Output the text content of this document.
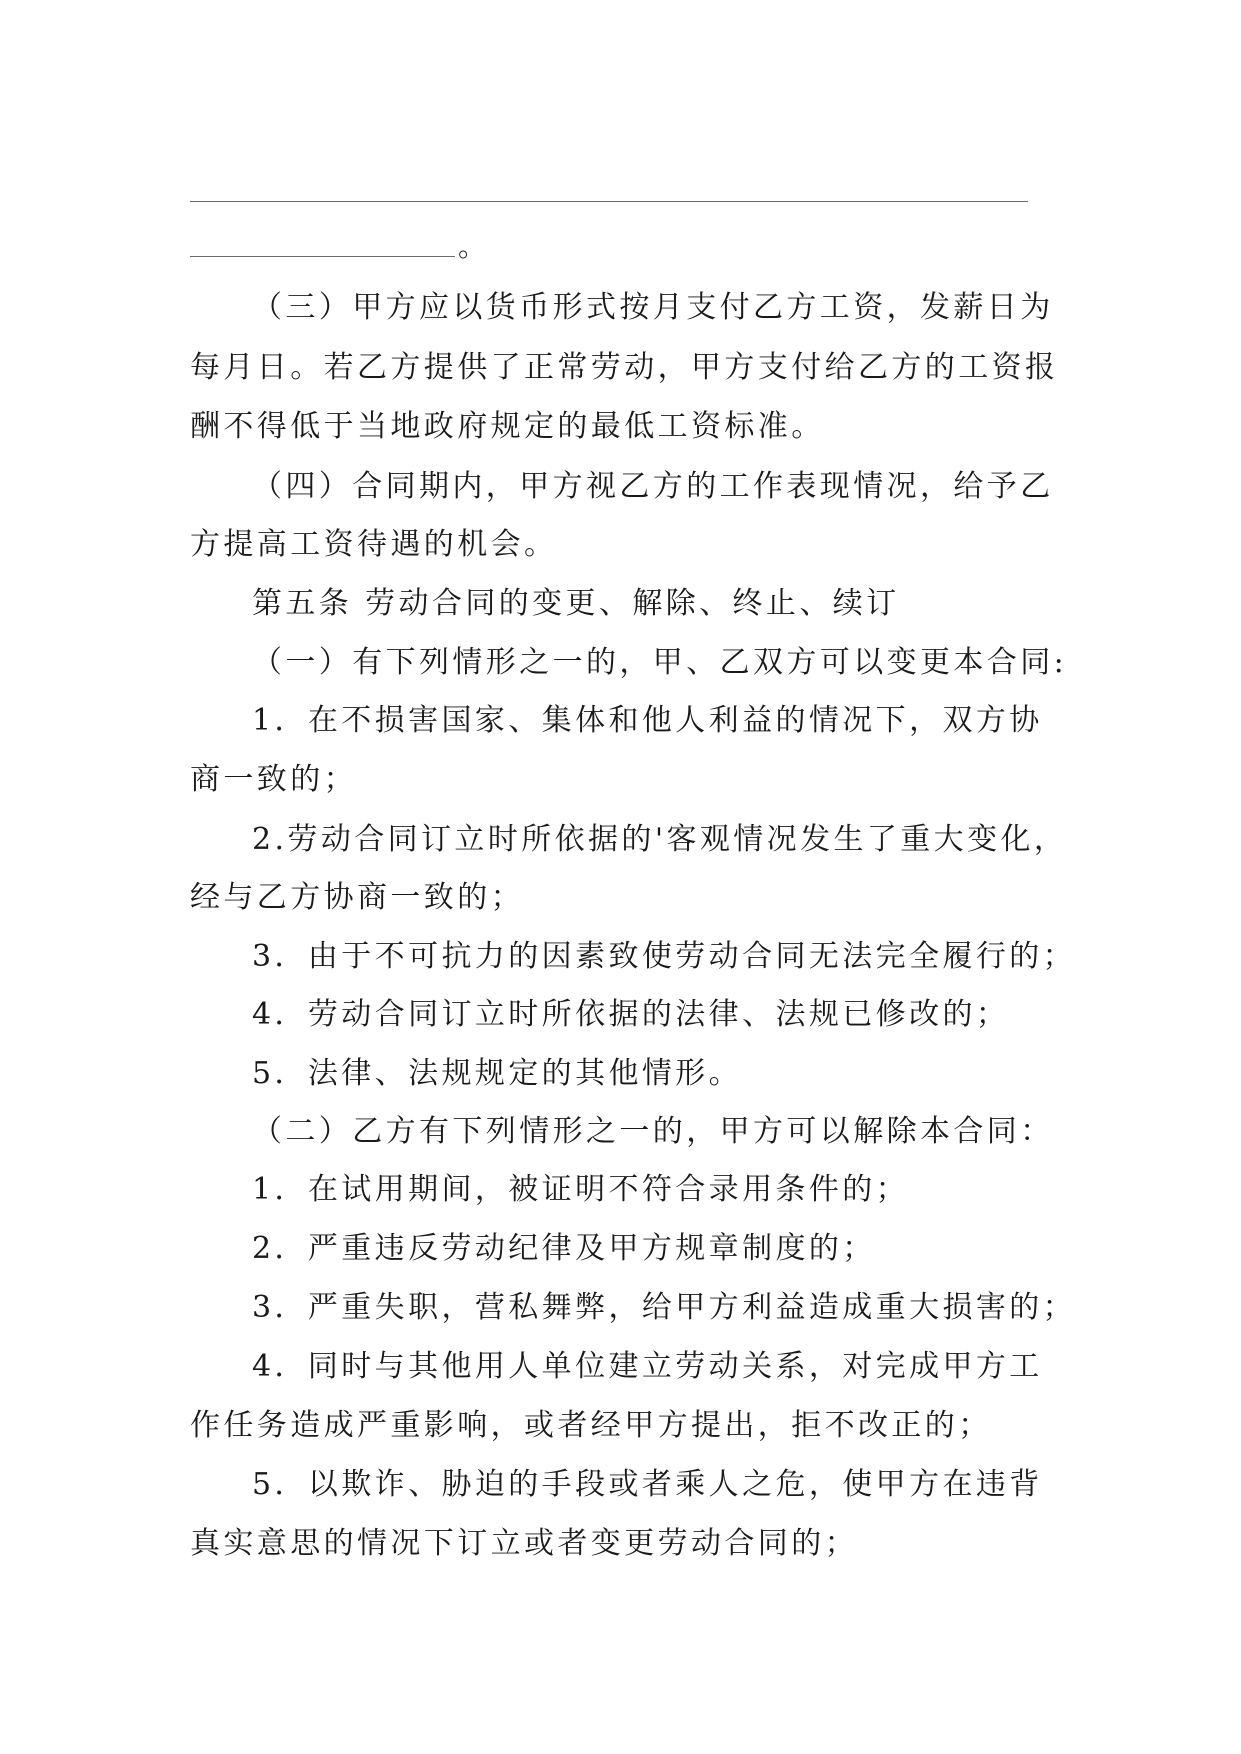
。
（三）甲方应以货币形式按月支付乙方工资，发薪日为
每月日。若乙方提供了正常劳动，甲方支付给乙方的工资报
酬不得低于当地政府规定的最低工资标准。
（四）合同期内，甲方视乙方的工作表现情况，给予乙
方提高工资待遇的机会。
第五条 劳动合同的变更、解除、终止、续订
（一）有下列情形之一的，甲、乙双方可以变更本合同:
1．在不损害国家、集体和他人利益的情况下，双方协
商一致的；
2.劳动合同订立时所依据的'客观情况发生了重大变化，
经与乙方协商一致的；
3．由于不可抗力的因素致使劳动合同无法完全履行的；
4．劳动合同订立时所依据的法律、法规已修改的；
5．法律、法规规定的其他情形。
（二）乙方有下列情形之一的，甲方可以解除本合同：
1．在试用期间，被证明不符合录用条件的；
2．严重违反劳动纪律及甲方规章制度的；
3．严重失职，营私舞弊，给甲方利益造成重大损害的；
4．同时与其他用人单位建立劳动关系，对完成甲方工
作任务造成严重影响，或者经甲方提出，拒不改正的；
5．以欺诈、胁迫的手段或者乘人之危，使甲方在违背
真实意思的情况下订立或者变更劳动合同的；
